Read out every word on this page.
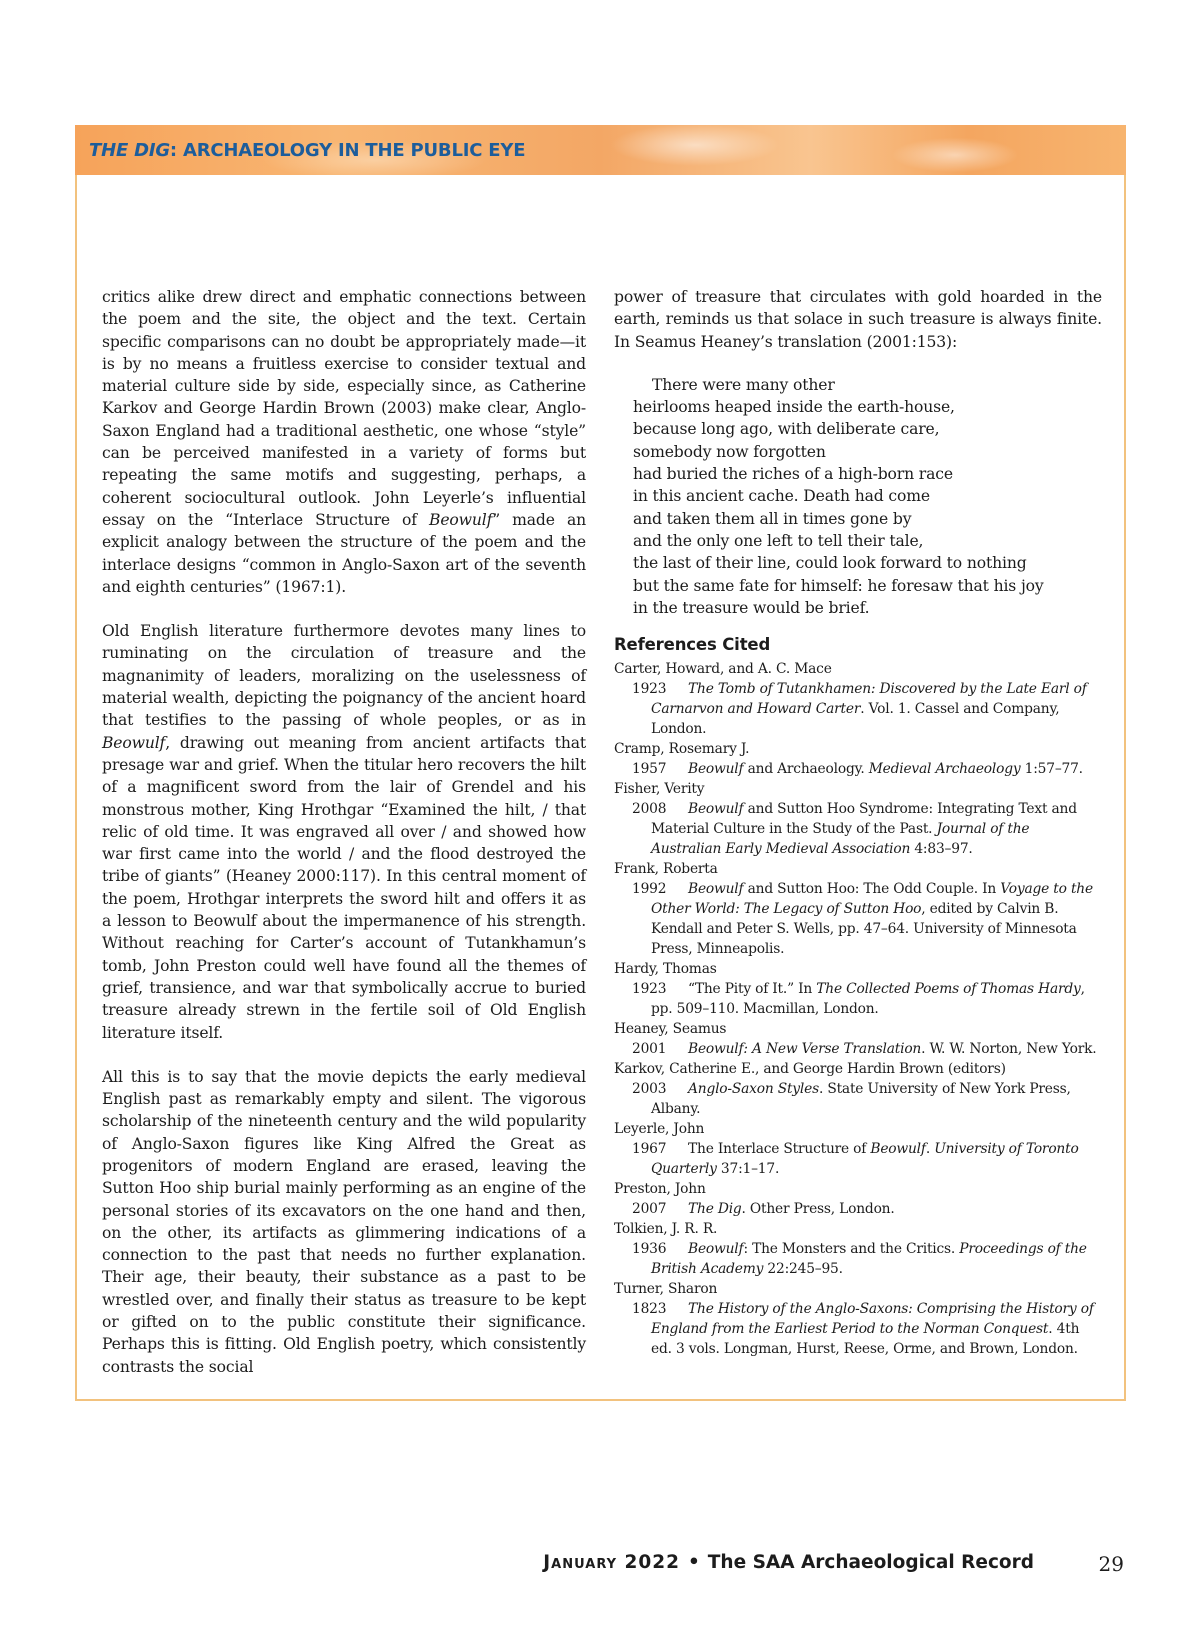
THE DIG: ARCHAEOLOGY IN THE PUBLIC EYE

critics alike drew direct and emphatic connections between the poem and the site, the object and the text. Certain specific comparisons can no doubt be appropriately made—it is by no means a fruitless exercise to consider textual and material culture side by side, especially since, as Catherine Karkov and George Hardin Brown (2003) make clear, Anglo-Saxon England had a traditional aesthetic, one whose “style” can be perceived manifested in a variety of forms but repeating the same motifs and suggesting, perhaps, a coherent sociocultural outlook. John Leyerle’s influential essay on the “Interlace Structure of Beowulf” made an explicit analogy between the structure of the poem and the interlace designs “common in Anglo-Saxon art of the seventh and eighth centuries” (1967:1).

Old English literature furthermore devotes many lines to ruminating on the circulation of treasure and the magnanimity of leaders, moralizing on the uselessness of material wealth, depicting the poignancy of the ancient hoard that testifies to the passing of whole peoples, or as in Beowulf, drawing out meaning from ancient artifacts that presage war and grief. When the titular hero recovers the hilt of a magnificent sword from the lair of Grendel and his monstrous mother, King Hrothgar “Examined the hilt, / that relic of old time. It was engraved all over / and showed how war first came into the world / and the flood destroyed the tribe of giants” (Heaney 2000:117). In this central moment of the poem, Hrothgar interprets the sword hilt and offers it as a lesson to Beowulf about the impermanence of his strength. Without reaching for Carter’s account of Tutankhamun’s tomb, John Preston could well have found all the themes of grief, transience, and war that symbolically accrue to buried treasure already strewn in the fertile soil of Old English literature itself.

All this is to say that the movie depicts the early medieval English past as remarkably empty and silent. The vigorous scholarship of the nineteenth century and the wild popularity of Anglo-Saxon figures like King Alfred the Great as progenitors of modern England are erased, leaving the Sutton Hoo ship burial mainly performing as an engine of the personal stories of its excavators on the one hand and then, on the other, its artifacts as glimmering indications of a connection to the past that needs no further explanation. Their age, their beauty, their substance as a past to be wrestled over, and finally their status as treasure to be kept or gifted on to the public constitute their significance. Perhaps this is fitting. Old English poetry, which consistently contrasts the social

power of treasure that circulates with gold hoarded in the earth, reminds us that solace in such treasure is always finite. In Seamus Heaney’s translation (2001:153):

There were many other
heirlooms heaped inside the earth-house,
because long ago, with deliberate care,
somebody now forgotten
had buried the riches of a high-born race
in this ancient cache. Death had come
and taken them all in times gone by
and the only one left to tell their tale,
the last of their line, could look forward to nothing
but the same fate for himself: he foresaw that his joy
in the treasure would be brief.
References Cited
Carter, Howard, and A. C. Mace
1923 The Tomb of Tutankhamen: Discovered by the Late Earl of Carnarvon and Howard Carter. Vol. 1. Cassel and Company, London.
Cramp, Rosemary J.
1957 Beowulf and Archaeology. Medieval Archaeology 1:57–77.
Fisher, Verity
2008 Beowulf and Sutton Hoo Syndrome: Integrating Text and Material Culture in the Study of the Past. Journal of the Australian Early Medieval Association 4:83–97.
Frank, Roberta
1992 Beowulf and Sutton Hoo: The Odd Couple. In Voyage to the Other World: The Legacy of Sutton Hoo, edited by Calvin B. Kendall and Peter S. Wells, pp. 47–64. University of Minnesota Press, Minneapolis.
Hardy, Thomas
1923 “The Pity of It.” In The Collected Poems of Thomas Hardy, pp. 509–110. Macmillan, London.
Heaney, Seamus
2001 Beowulf: A New Verse Translation. W. W. Norton, New York.
Karkov, Catherine E., and George Hardin Brown (editors)
2003 Anglo-Saxon Styles. State University of New York Press, Albany.
Leyerle, John
1967 The Interlace Structure of Beowulf. University of Toronto Quarterly 37:1–17.
Preston, John
2007 The Dig. Other Press, London.
Tolkien, J. R. R.
1936 Beowulf: The Monsters and the Critics. Proceedings of the British Academy 22:245–95.
Turner, Sharon
1823 The History of the Anglo-Saxons: Comprising the History of England from the Earliest Period to the Norman Conquest. 4th ed. 3 vols. Longman, Hurst, Reese, Orme, and Brown, London.
January 2022 • The SAA Archaeological Record	29
